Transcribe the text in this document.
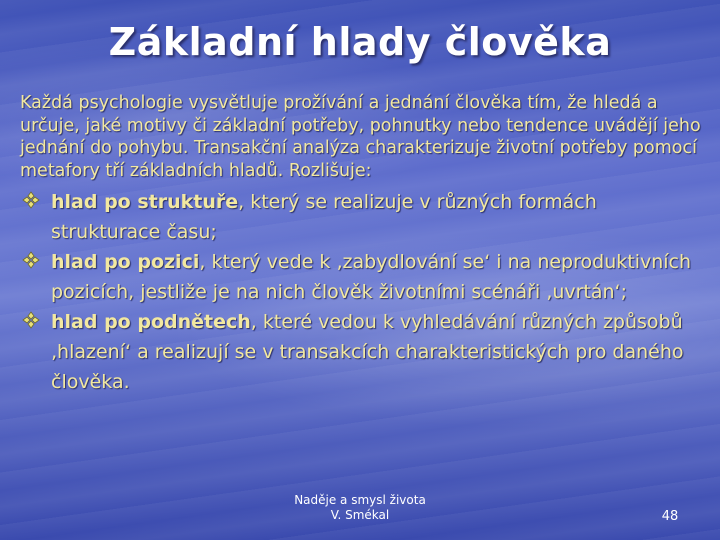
Základní hlady člověka

Každá psychologie vysvětluje prožívání a jednání člověka tím, že hledá a určuje, jaké motivy či základní potřeby, pohnutky nebo tendence uvádějí jeho jednání do pohybu. Transakční analýza charakterizuje životní potřeby pomocí metafory tří základních hladů. Rozlišuje:

hlad po struktuře, který se realizuje v různých formách strukturace času;
hlad po pozici, který vede k ‚zabydlování se‘ i na neproduktivních pozicích, jestliže je na nich člověk životními scénáři ‚uvrtán‘;
hlad po podnětech, které vedou k vyhledávání různých způsobů ‚hlazení‘ a realizují se v transakcích charakteristických pro daného člověka.
Naděje a smysl života
V. Smékal	48
